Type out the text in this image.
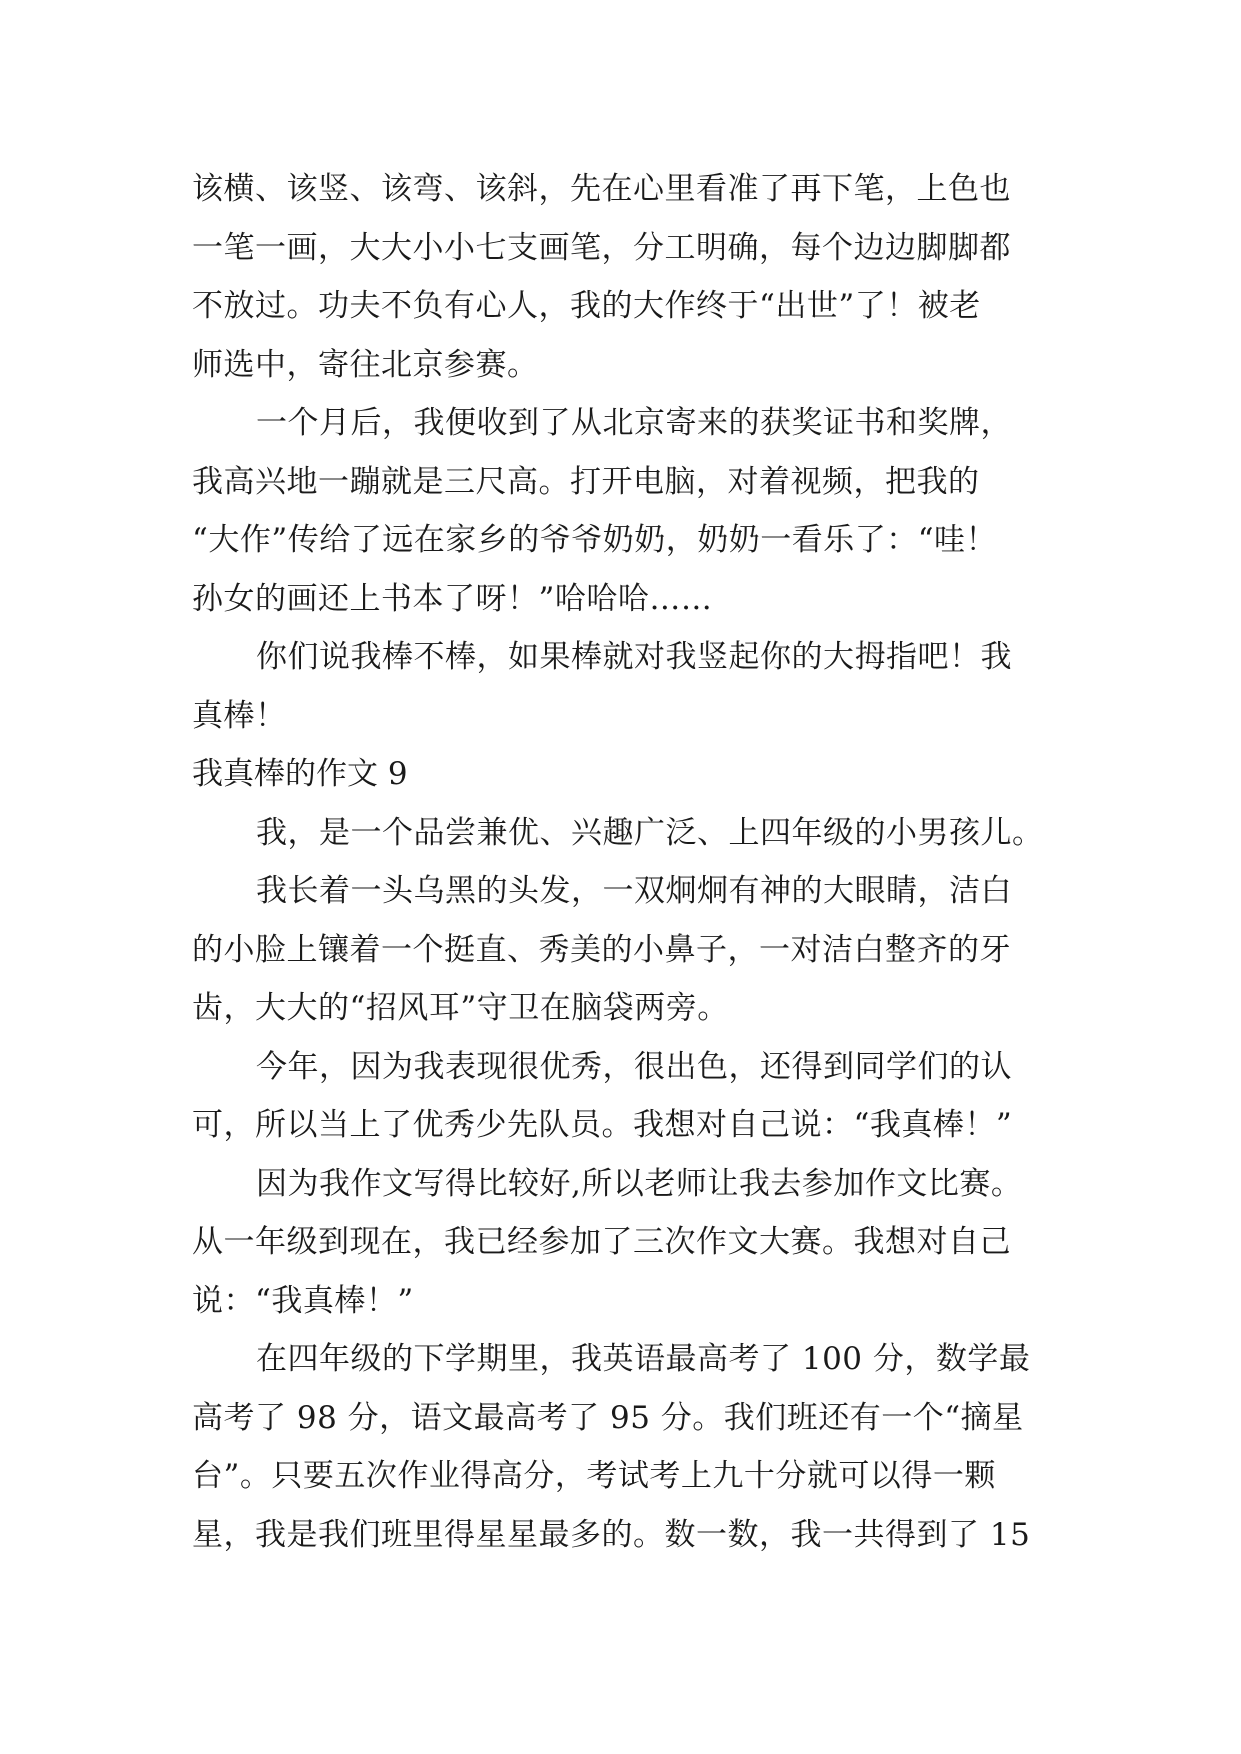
该横、该竖、该弯、该斜，先在心里看准了再下笔，上色也
一笔一画，大大小小七支画笔，分工明确，每个边边脚脚都
不放过。功夫不负有心人，我的大作终于“出世”了！被老
师选中，寄往北京参赛。
一个月后，我便收到了从北京寄来的获奖证书和奖牌，
我高兴地一蹦就是三尺高。打开电脑，对着视频，把我的
“大作”传给了远在家乡的爷爷奶奶，奶奶一看乐了：“哇！
孙女的画还上书本了呀！”哈哈哈……
你们说我棒不棒，如果棒就对我竖起你的大拇指吧！我
真棒！
我真棒的作文 9
我，是一个品尝兼优、兴趣广泛、上四年级的小男孩儿。
我长着一头乌黑的头发，一双炯炯有神的大眼睛，洁白
的小脸上镶着一个挺直、秀美的小鼻子，一对洁白整齐的牙
齿，大大的“招风耳”守卫在脑袋两旁。
今年，因为我表现很优秀，很出色，还得到同学们的认
可，所以当上了优秀少先队员。我想对自己说：“我真棒！”
因为我作文写得比较好,所以老师让我去参加作文比赛。
从一年级到现在，我已经参加了三次作文大赛。我想对自己
说：“我真棒！”
在四年级的下学期里，我英语最高考了 100 分，数学最
高考了 98 分，语文最高考了 95 分。我们班还有一个“摘星
台”。只要五次作业得高分，考试考上九十分就可以得一颗
星，我是我们班里得星星最多的。数一数，我一共得到了 15
